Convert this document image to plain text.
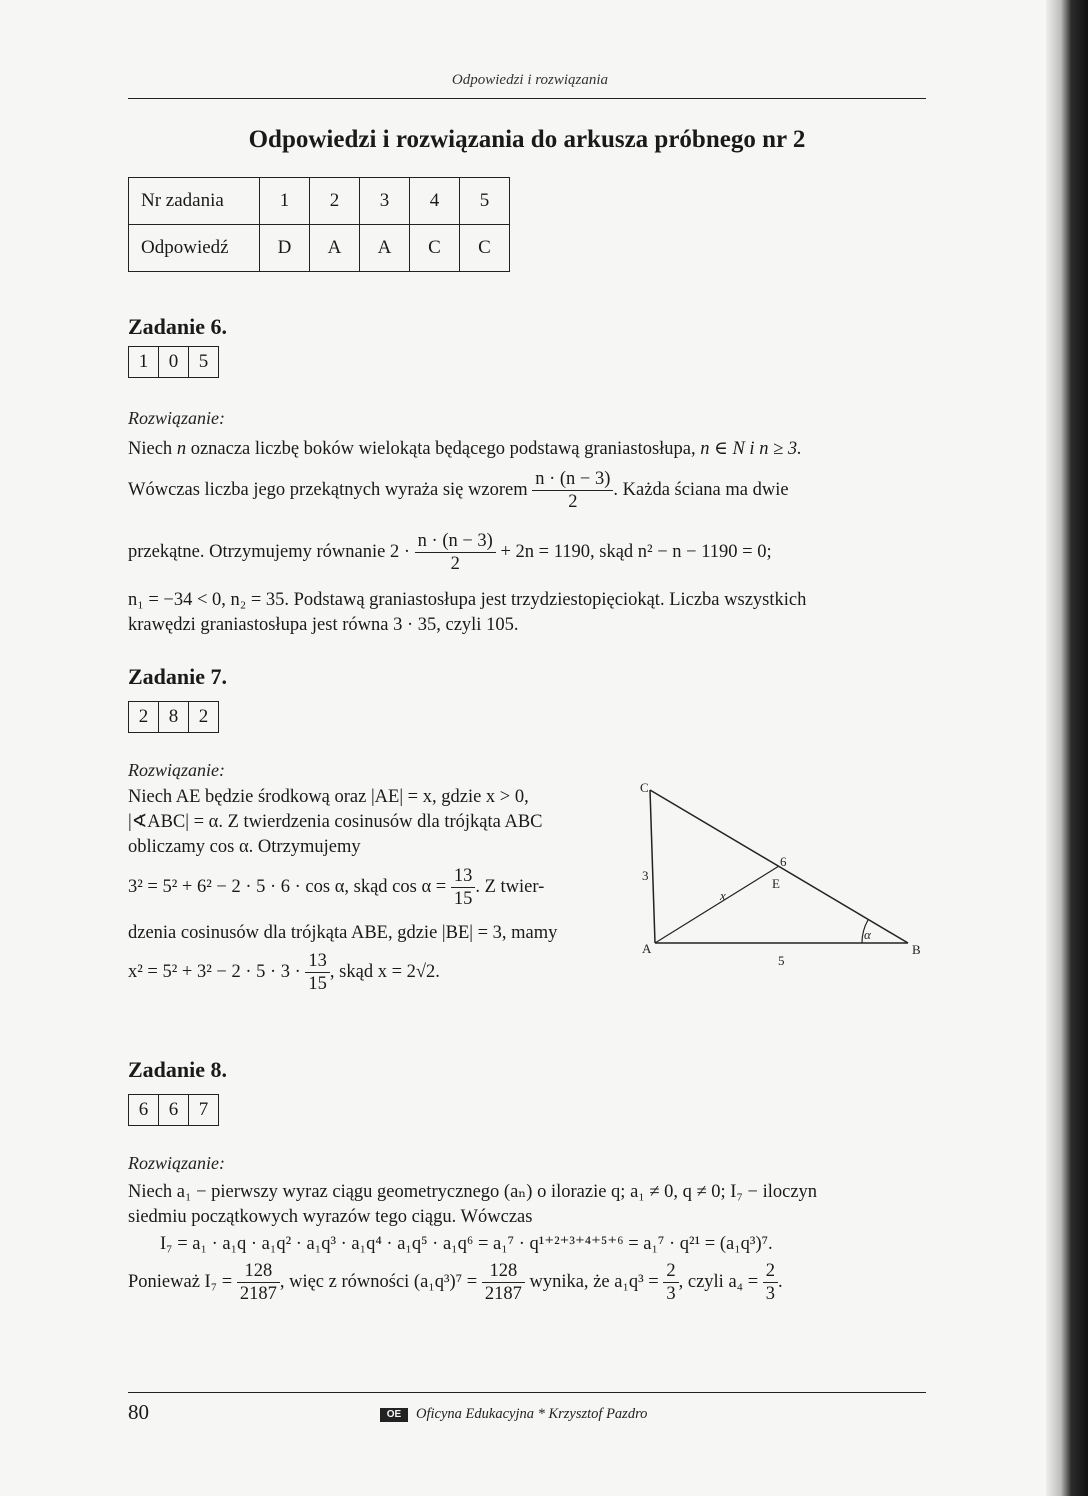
Odpowiedzi i rozwiązania
Odpowiedzi i rozwiązania do arkusza próbnego nr 2
Nr zadania	1	2	3	4	5
Odpowiedź	D	A	A	C	C
Zadanie 6.
1	0	5
Rozwiązanie:
Niech n oznacza liczbę boków wielokąta będącego podstawą graniastosłupa, n ∈ N i n ≥ 3.
Wówczas liczba jego przekątnych wyraża się wzorem $\frac{n \cdot (n - 3)}{2}$ . Każda ściana ma dwie
przekątne. Otrzymujemy równanie $2 \cdot \frac{n \cdot (n - 3)}{2} + 2n = 1190$, skąd n² − n − 1190 = 0;
n₁ = −34 < 0, n₂ = 35. Podstawą graniastosłupa jest trzydziestopięciokąt. Liczba wszystkich
krawędzi graniastosłupa jest równa 3 · 35, czyli 105.
Zadanie 7.
2	8	2
Rozwiązanie:
Niech AE będzie środkową oraz |AE| = x, gdzie x > 0,
|∢ABC| = α. Z twierdzenia cosinusów dla trójkąta ABC
obliczamy cos α. Otrzymujemy
3² = 5² + 6² − 2 · 5 · 6 · cos α, skąd $\cos \alpha = \frac{13}{15}$ . Z twier-
dzenia cosinusów dla trójkąta ABE, gdzie |BE| = 3, mamy
$x^2 = 5^2 + 3^2 - 2 \cdot 5 \cdot 3 \cdot \frac{13}{15}$ , skąd x = 2√2.
C
A	B
E
5
3
6
x
α
Zadanie 8.
6	6	7
Rozwiązanie:
Niech a₁ − pierwszy wyraz ciągu geometrycznego (aₙ) o ilorazie q; a₁ ≠ 0, q ≠ 0; I₇ − iloczyn
siedmiu początkowych wyrazów tego ciągu. Wówczas
I₇ = a₁ · a₁q · a₁q² · a₁q³ · a₁q⁴ · a₁q⁵ · a₁q⁶ = a₁⁷ · q¹⁺²⁺³⁺⁴⁺⁵⁺⁶ = a₁⁷ · q²¹ = (a₁q³)⁷.
Ponieważ $I_7 = \frac{128}{2187}$ , więc z równości $(a_1q^3)^7 = \frac{128}{2187}$ wynika, że $a_1q^3 = \frac{2}{3}$ , czyli $a_4 = \frac{2}{3}$ .
80	OE Oficyna Edukacyjna * Krzysztof Pazdro
